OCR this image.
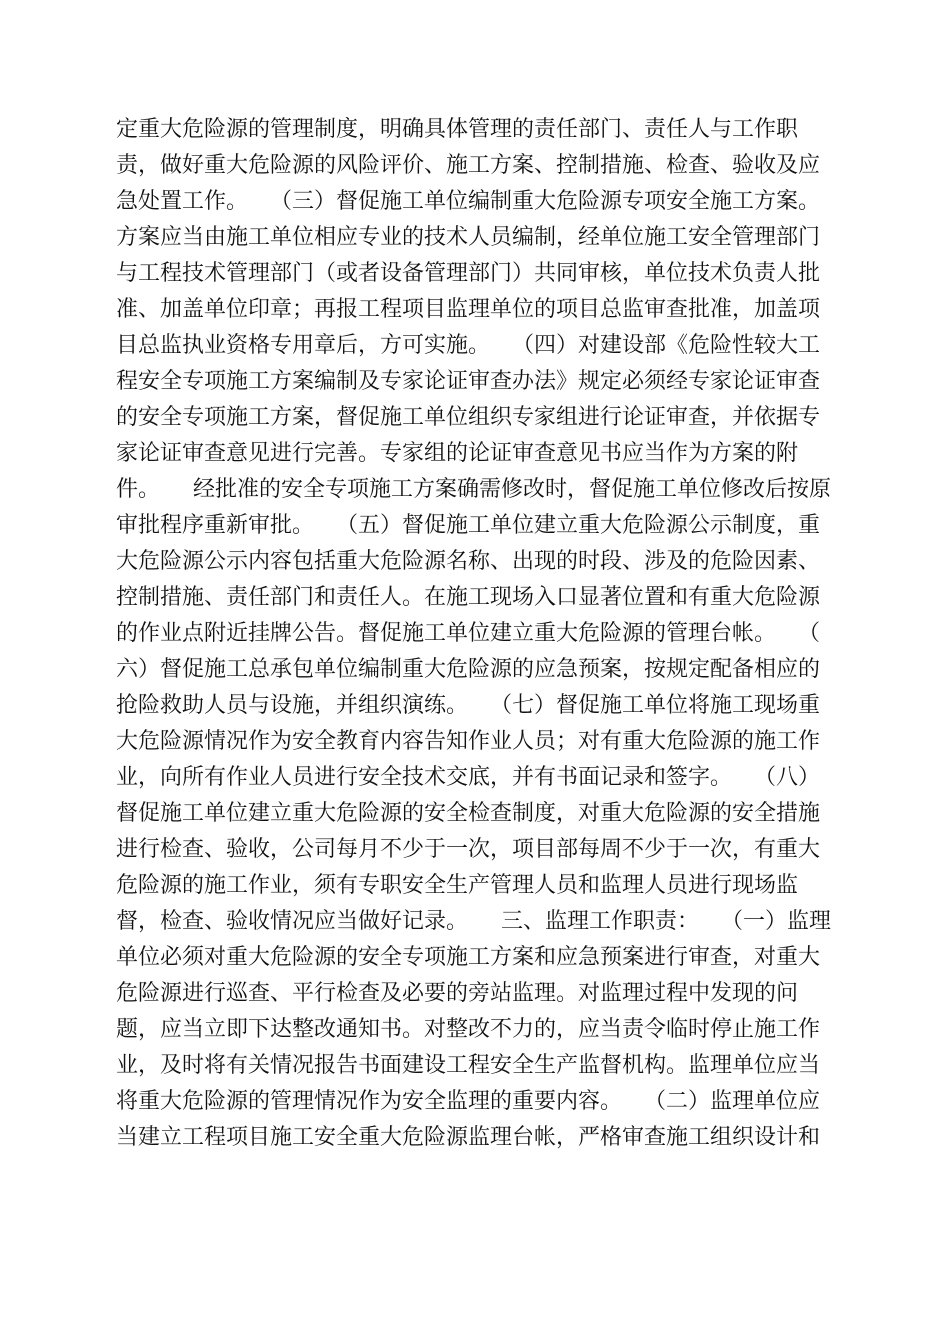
定重大危险源的管理制度，明确具体管理的责任部门、责任人与工作职
责，做好重大危险源的风险评价、施工方案、控制措施、检查、验收及应
急处置工作。　　（三）督促施工单位编制重大危险源专项安全施工方案。
方案应当由施工单位相应专业的技术人员编制，经单位施工安全管理部门
与工程技术管理部门（或者设备管理部门）共同审核，单位技术负责人批
准、加盖单位印章；再报工程项目监理单位的项目总监审查批准，加盖项
目总监执业资格专用章后，方可实施。　　（四）对建设部《危险性较大工
程安全专项施工方案编制及专家论证审查办法》规定必须经专家论证审查
的安全专项施工方案，督促施工单位组织专家组进行论证审查，并依据专
家论证审查意见进行完善。专家组的论证审查意见书应当作为方案的附
件。　　经批准的安全专项施工方案确需修改时，督促施工单位修改后按原
审批程序重新审批。　　（五）督促施工单位建立重大危险源公示制度，重
大危险源公示内容包括重大危险源名称、出现的时段、涉及的危险因素、
控制措施、责任部门和责任人。在施工现场入口显著位置和有重大危险源
的作业点附近挂牌公告。督促施工单位建立重大危险源的管理台帐。　　（
六）督促施工总承包单位编制重大危险源的应急预案，按规定配备相应的
抢险救助人员与设施，并组织演练。　　（七）督促施工单位将施工现场重
大危险源情况作为安全教育内容告知作业人员；对有重大危险源的施工作
业，向所有作业人员进行安全技术交底，并有书面记录和签字。　　（八）
督促施工单位建立重大危险源的安全检查制度，对重大危险源的安全措施
进行检查、验收，公司每月不少于一次，项目部每周不少于一次，有重大
危险源的施工作业，须有专职安全生产管理人员和监理人员进行现场监
督，检查、验收情况应当做好记录。　　三、监理工作职责：　　（一）监理
单位必须对重大危险源的安全专项施工方案和应急预案进行审查，对重大
危险源进行巡查、平行检查及必要的旁站监理。对监理过程中发现的问
题，应当立即下达整改通知书。对整改不力的，应当责令临时停止施工作
业，及时将有关情况报告书面建设工程安全生产监督机构。监理单位应当
将重大危险源的管理情况作为安全监理的重要内容。　　（二）监理单位应
当建立工程项目施工安全重大危险源监理台帐，严格审查施工组织设计和
